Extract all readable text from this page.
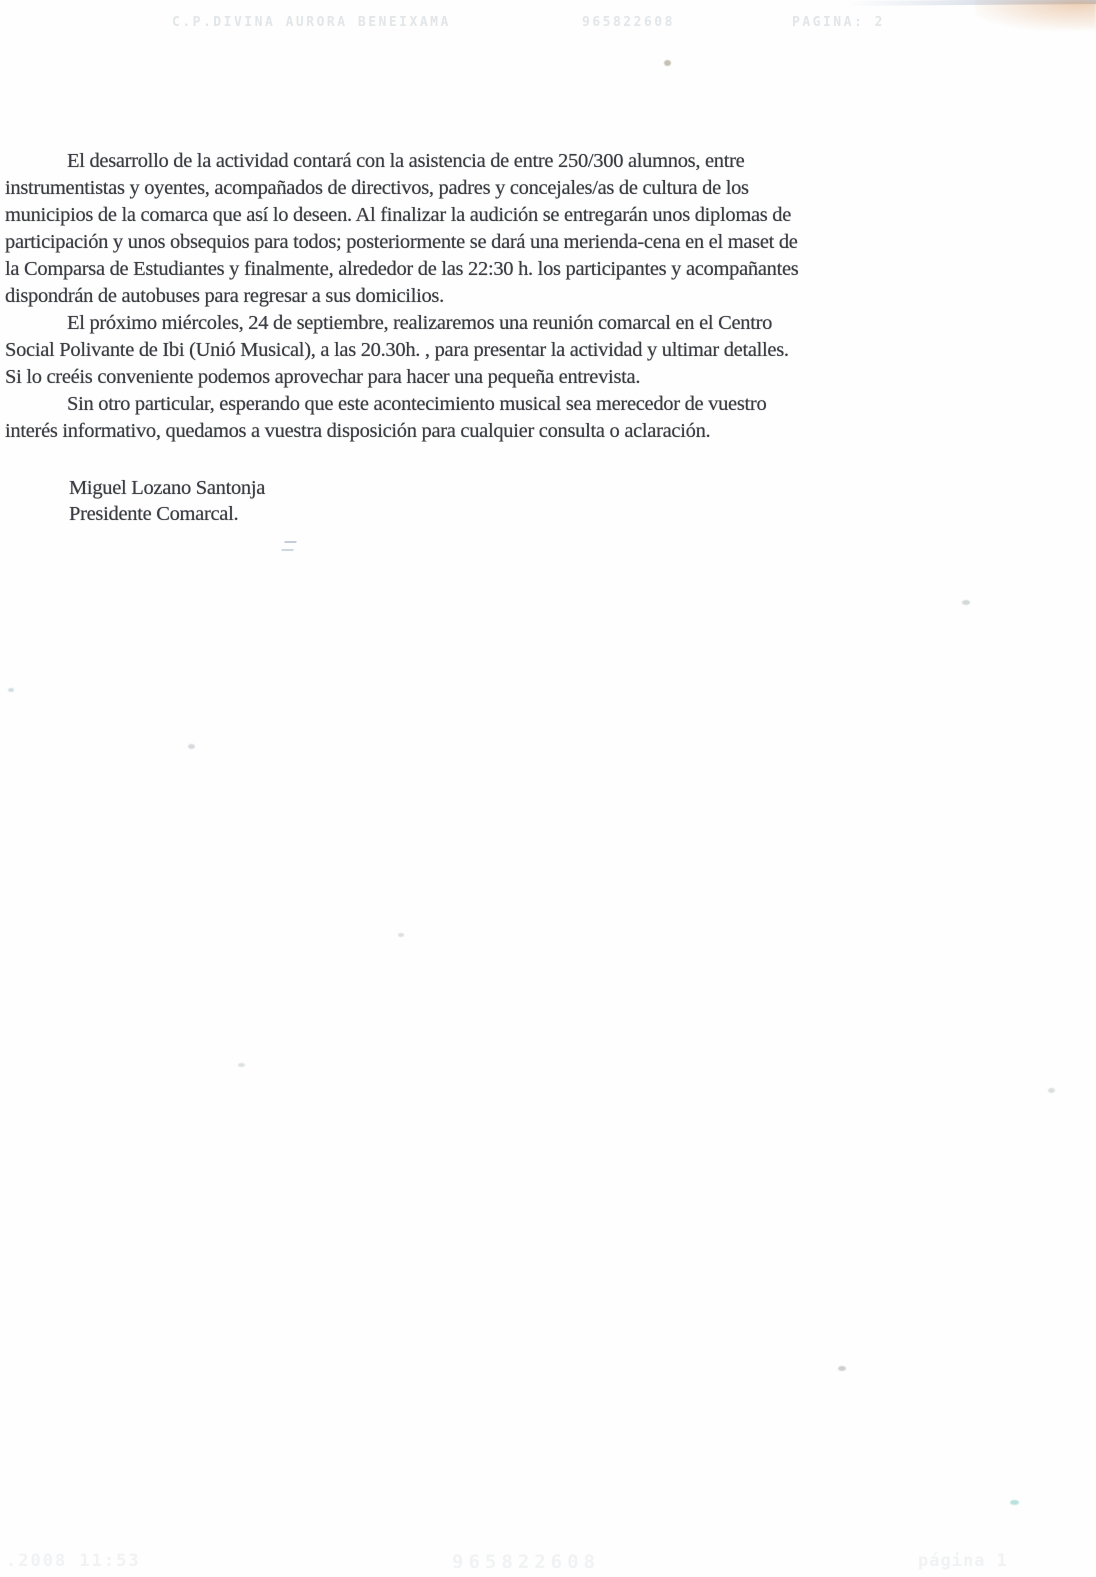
C.P.DIVINA AURORA BENEIXAMA	965822608	PAGINA: 2

El desarrollo de la actividad contará con la asistencia de entre 250/300 alumnos, entre instrumentistas y oyentes, acompañados de directivos, padres y concejales/as de cultura de los municipios de la comarca que así lo deseen. Al finalizar la audición se entregarán unos diplomas de participación y unos obsequios para todos; posteriormente se dará una merienda-cena en el maset de la Comparsa de Estudiantes y finalmente, alrededor de las 22:30 h. los participantes y acompañantes dispondrán de autobuses para regresar a sus domicilios.

El próximo miércoles, 24 de septiembre, realizaremos una reunión comarcal en el Centro Social Polivante de Ibi (Unió Musical), a las 20.30h. , para presentar la actividad y ultimar detalles. Si lo creéis conveniente podemos aprovechar para hacer una pequeña entrevista.

Sin otro particular, esperando que este acontecimiento musical sea merecedor de vuestro interés informativo, quedamos a vuestra disposición para cualquier consulta o aclaración.

Miguel Lozano Santonja
Presidente Comarcal.
.2008 11:53	965822608	página 1
